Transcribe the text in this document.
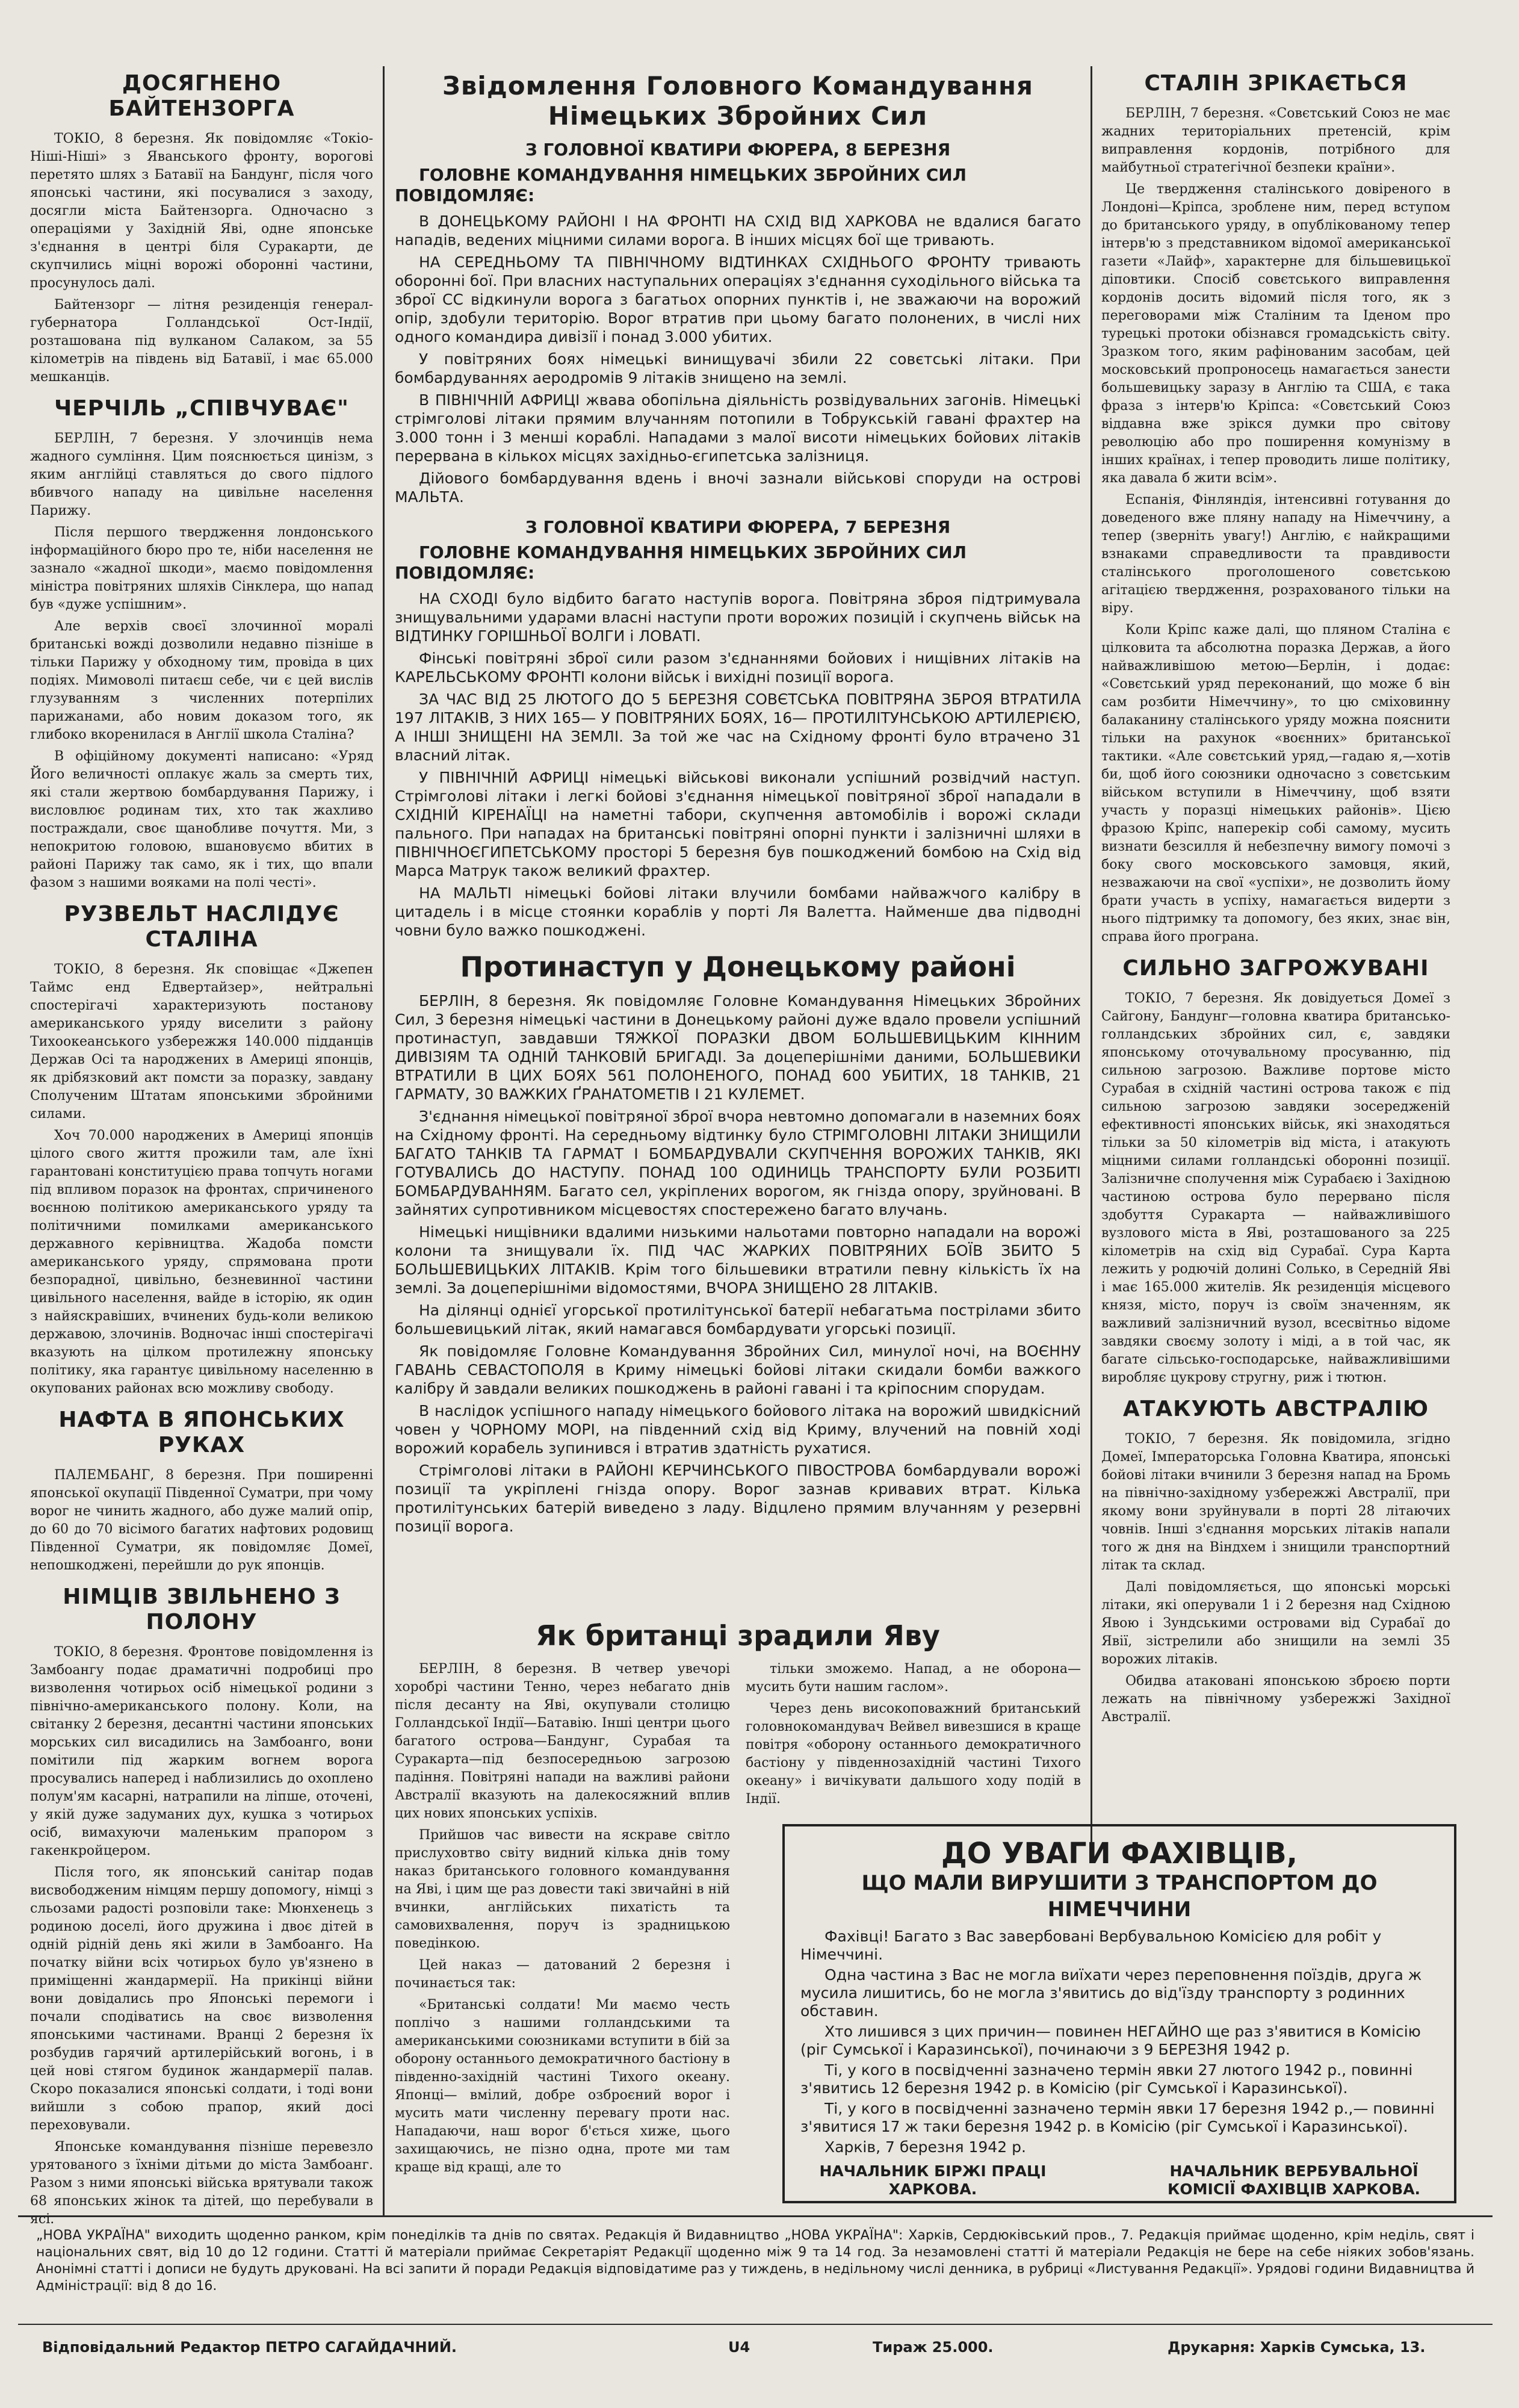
ДОСЯГНЕНО БАЙТЕНЗОРГА

ТОКІО, 8 березня. Як повідомляє «Токіо-Ніші-Ніші» з Яванського фронту, ворогові перетято шлях з Батавії на Бандунг, після чого японські частини, які посувалися з заходу, досягли міста Байтензорга. Одночасно з операціями у Західній Яві, одне японське з'єднання в центрі біля Суракарти, де скупчились міцні ворожі оборонні частини, просунулось далі.

Байтензорг — літня резиденція генерал-губернатора Голландської Ост-Індії, розташована під вулканом Салаком, за 55 кілометрів на південь від Батавії, і має 65.000 мешканців.

ЧЕРЧІЛЬ „СПІВЧУВАЄ"

БЕРЛІН, 7 березня. У злочинців нема жадного сумління. Цим пояснюється цинізм, з яким англійці ставляться до свого підлого вбивчого нападу на цивільне населення Парижу.

Після першого твердження лондонського інформаційного бюро про те, ніби населення не зазнало «жадної шкоди», маємо повідомлення міністра повітряних шляхів Сінклера, що напад був «дуже успішним».

Але верхів своєї злочинної моралі британські вожді дозволили недавно пізніше в тільки Парижу у обходному тим, провіда в цих подіях. Мимоволі питаєш себе, чи є цей вислів глузуванням з численних потерпілих парижанами, або новим доказом того, як глибоко вкоренилася в Англії школа Сталіна?

В офіційному документі написано: «Уряд Його величності оплакує жаль за смерть тих, які стали жертвою бомбардування Парижу, і висловлює родинам тих, хто так жахливо постраждали, своє щанобливе почуття. Ми, з непокритою головою, вшановуємо вбитих в районі Парижу так само, як і тих, що впали фазом з нашими вояками на полі честі».

РУЗВЕЛЬТ НАСЛІДУЄ СТАЛІНА

ТОКІО, 8 березня. Як сповіщає «Джепен Таймс енд Едвертайзер», нейтральні спостерігачі характеризують постанову американського уряду виселити з району Тихоокеанського узбережжя 140.000 підданців Держав Осі та народжених в Америці японців, як дрібязковий акт помсти за поразку, завдану Сполученим Штатам японськими збройними силами.

Хоч 70.000 народжених в Америці японців цілого свого життя прожили там, але їхні гарантовані конституцією права топчуть ногами під впливом поразок на фронтах, спричиненого воєнною політикою американського уряду та політичними помилками американського державного керівництва. Жадоба помсти американського уряду, спрямована проти безпорадної, цивільно, безневинної частини цивільного населення, вайде в історію, як один з найяскравіших, вчинених будь-коли великою державою, злочинів. Водночас інші спостерігачі вказують на цілком протилежну японську політику, яка гарантує цивільному населенню в окупованих районах всю можливу свободу.

НАФТА В ЯПОНСЬКИХ РУКАХ

ПАЛЕМБАНГ, 8 березня. При поширенні японської окупації Південної Суматри, при чому ворог не чинить жадного, або дуже малий опір, до 60 до 70 вісімого багатих нафтових родовищ Південної Суматри, як повідомляє Домеї, непошкоджені, перейшли до рук японців.

НІМЦІВ ЗВІЛЬНЕНО З ПОЛОНУ

ТОКІО, 8 березня. Фронтове повідомлення із Замбоангу подає драматичні подробиці про визволення чотирьох осіб німецької родини з північно-американського полону. Коли, на світанку 2 березня, десантні частини японських морських сил висадились на Замбоанго, вони помітили під жарким вогнем ворога просувались наперед і наблизились до охоплено полум'ям касарні, натрапили на ліпше, оточені, у якій дуже задуманих дух, кушка з чотирьох осіб, вимахуючи маленьким прапором з гакенкройцером.

Після того, як японський санітар подав висвободженим німцям першу допомогу, німці з сльозами радості розповіли таке: Мюнхенець з родиною доселі, його дружина і двоє дітей в одній рідній день які жили в Замбоанго. На початку війни всіх чотирьох було ув'язнено в приміщенні жандармерії. На прикінці війни вони довідались про Японські перемоги і почали сподіватись на своє визволення японськими частинами. Вранці 2 березня їх розбудив гарячий артилерійський вогонь, і в цей нові стягом будинок жандармерії палав. Скоро показалися японські солдати, і тоді вони вийшли з собою прапор, який досі переховували.

Японське командування пізніше перевезло урятованого з їхніми дітьми до міста Замбоанг. Разом з ними японські війська врятували також 68 японських жінок та дітей, що перебували в ясі.

Звідомлення Головного Командування Німецьких Збройних Сил
З ГОЛОВНОЇ КВАТИРИ ФЮРЕРА, 8 БЕРЕЗНЯ
ГОЛОВНЕ КОМАНДУВАННЯ НІМЕЦЬКИХ ЗБРОЙНИХ СИЛ ПОВІДОМЛЯЄ:

В ДОНЕЦЬКОМУ РАЙОНІ І НА ФРОНТІ НА СХІД ВІД ХАРКОВА не вдалися багато нападів, ведених міцними силами ворога. В інших місцях бої ще тривають.

НА СЕРЕДНЬОМУ ТА ПІВНІЧНОМУ ВІДТИНКАХ СХІДНЬОГО ФРОНТУ тривають оборонні бої. При власних наступальних операціях з'єднання суходільного війська та зброї СС відкинули ворога з багатьох опорних пунктів і, не зважаючи на ворожий опір, здобули територію. Ворог втратив при цьому багато полонених, в числі них одного командира дивізії і понад 3.000 убитих.

У повітряних боях німецькі винищувачі збили 22 совєтські літаки. При бомбардуваннях аеродромів 9 літаків знищено на землі.

В ПІВНІЧНІЙ АФРИЦІ жвава обопільна діяльність розвідувальних загонів. Німецькі стрімголові літаки прямим влучанням потопили в Тобрукській гавані фрахтер на 3.000 тонн і 3 менші кораблі. Нападами з малої висоти німецьких бойових літаків перервана в кількох місцях західньо-єгипетська залізниця.

Дійового бомбардування вдень і вночі зазнали військові споруди на острові МАЛЬТА.

З ГОЛОВНОЇ КВАТИРИ ФЮРЕРА, 7 БЕРЕЗНЯ
ГОЛОВНЕ КОМАНДУВАННЯ НІМЕЦЬКИХ ЗБРОЙНИХ СИЛ ПОВІДОМЛЯЄ:

НА СХОДІ було відбито багато наступів ворога. Повітряна зброя підтримувала знищувальними ударами власні наступи проти ворожих позицій і скупчень військ на ВІДТИНКУ ГОРІШНЬОЇ ВОЛГИ і ЛОВАТІ.

Фінські повітряні зброї сили разом з'єднаннями бойових і нищівних літаків на КАРЕЛЬСЬКОМУ ФРОНТІ колони військ і вихідні позиції ворога.

ЗА ЧАС ВІД 25 ЛЮТОГО ДО 5 БЕРЕЗНЯ СОВЄТСЬКА ПОВІТРЯНА ЗБРОЯ ВТРАТИЛА 197 ЛІТАКІВ, З НИХ 165— У ПОВІТРЯНИХ БОЯХ, 16— ПРОТИЛІТУНСЬКОЮ АРТИЛЕРІЄЮ, А ІНШІ ЗНИЩЕНІ НА ЗЕМЛІ. За той же час на Східному фронті було втрачено 31 власний літак.

У ПІВНІЧНІЙ АФРИЦІ німецькі військові виконали успішний розвідчий наступ. Стрімголові літаки і легкі бойові з'єднання німецької повітряної зброї нападали в СХІДНІЙ КІРЕНАЇЦІ на наметні табори, скупчення автомобілів і ворожі склади пального. При нападах на британські повітряні опорні пункти і залізничні шляхи в ПІВНІЧНОЄГИПЕТСЬКОМУ просторі 5 березня був пошкоджений бомбою на Схід від Марса Матрук також великий фрахтер.

НА МАЛЬТІ німецькі бойові літаки влучили бомбами найважчого калібру в цитадель і в місце стоянки кораблів у порті Ля Валетта. Найменше два підводні човни було важко пошкоджені.

Протинаступ у Донецькому районі

БЕРЛІН, 8 березня. Як повідомляє Головне Командування Німецьких Збройних Сил, 3 березня німецькі частини в Донецькому районі дуже вдало провели успішний протинаступ, завдавши ТЯЖКОЇ ПОРАЗКИ ДВОМ БОЛЬШЕВИЦЬКИМ КІННИМ ДИВІЗІЯМ ТА ОДНІЙ ТАНКОВІЙ БРИГАДІ. За доцеперішніми даними, БОЛЬШЕВИКИ ВТРАТИЛИ В ЦИХ БОЯХ 561 ПОЛОНЕНОГО, ПОНАД 600 УБИТИХ, 18 ТАНКІВ, 21 ГАРМАТУ, 30 ВАЖКИХ ҐРАНАТОМЕТІВ І 21 КУЛЕМЕТ.

З'єднання німецької повітряної зброї вчора невтомно допомагали в наземних боях на Східному фронті. На середньому відтинку було СТРІМГОЛОВНІ ЛІТАКИ ЗНИЩИЛИ БАГАТО ТАНКІВ ТА ГАРМАТ І БОМБАРДУВАЛИ СКУПЧЕННЯ ВОРОЖИХ ТАНКІВ, ЯКІ ГОТУВАЛИСЬ ДО НАСТУПУ. ПОНАД 100 ОДИНИЦЬ ТРАНСПОРТУ БУЛИ РОЗБИТІ БОМБАРДУВАННЯМ. Багато сел, укріплених ворогом, як гнізда опору, зруйновані. В зайнятих супротивником місцевостях спостережено багато влучань.

Німецькі нищівники вдалими низькими нальотами повторно нападали на ворожі колони та знищували їх. ПІД ЧАС ЖАРКИХ ПОВІТРЯНИХ БОЇВ ЗБИТО 5 БОЛЬШЕВИЦЬКИХ ЛІТАКІВ. Крім того більшевики втратили певну кількість їх на землі. За доцеперішніми відомостями, ВЧОРА ЗНИЩЕНО 28 ЛІТАКІВ.

На ділянці однієї угорської протилітунської батерії небагатьма пострілами збито большевицький літак, який намагався бомбардувати угорські позиції.

Як повідомляє Головне Командування Збройних Сил, минулої ночі, на ВОЄННУ ГАВАНЬ СЕВАСТОПОЛЯ в Криму німецькі бойові літаки скидали бомби важкого калібру й завдали великих пошкоджень в районі гавані і та кріпосним спорудам.

В наслідок успішного нападу німецького бойового літака на ворожий швидкісний човен у ЧОРНОМУ МОРІ, на південний схід від Криму, влучений на повній ході ворожий корабель зупинився і втратив здатність рухатися.

Стрімголові літаки в РАЙОНІ КЕРЧИНСЬКОГО ПІВОСТРОВА бомбардували ворожі позиції та укріплені гнізда опору. Ворог зазнав кривавих втрат. Кілька протилітунських батерій виведено з ладу. Відцлено прямим влучанням у резервні позиції ворога.

Як британці зрадили Яву

БЕРЛІН, 8 березня. В четвер увечорі хоробрі частини Тенно, через небагато днів після десанту на Яві, окупували столицю Голландської Індії—Батавію. Інші центри цього багатого острова—Бандунг, Сурабая та Суракарта—під безпосередньою загрозою падіння. Повітряні напади на важливі райони Австралії вказують на далекосяжний вплив цих нових японських успіхів.

Прийшов час вивести на яскраве світло прислуховтво світу видний кілька днів тому наказ британського головного командування на Яві, і цим ще раз довести такі звичайні в ній вчинки, англійських пихатість та самовихвалення, поруч із зрадницькою поведінкою.

Цей наказ — датований 2 березня і починається так:

«Британські солдати! Ми маємо честь поплічо з нашими голландськими та американськими союзниками вступити в бій за оборону останнього демократичного бастіону в південно-західній частині Тихого океану. Японці— вмілий, добре озброєний ворог і мусить мати численну перевагу проти нас. Нападаючи, наш ворог б'ється хиже, цього захищаючись, не пізно одна, проте ми там краще від кращі, але то

тільки зможемо. Напад, а не оборона—мусить бути нашим гаслом».

Через день високоповажний британський головнокомандувач Вейвел вивезшися в краще повітря «оборону останнього демократичного бастіону у південнозахідній частині Тихого океану» і вичікувати дальшого ходу подій в Індії.

СТАЛІН ЗРІКАЄТЬСЯ

БЕРЛІН, 7 березня. «Совєтський Союз не має жадних територіальних претенсій, крім виправлення кордонів, потрібного для майбутньої стратегічної безпеки країни».

Це твердження сталінського довіреного в Лондоні—Кріпса, зроблене ним, перед вступом до британського уряду, в опублікованому тепер інтерв'ю з представником відомої американської газети «Лайф», характерне для більшевицької діповтики. Спосіб совєтського виправлення кордонів досить відомий після того, як з переговорами між Сталіним та Іденом про турецькі протоки обізнався громадськість світу. Зразком того, яким рафінованим засобам, цей московський пропроносець намагається занести большевицьку заразу в Англію та США, є така фраза з інтерв'ю Кріпса: «Совєтський Союз віддавна вже зрікся думки про світову революцію або про поширення комунізму в інших країнах, і тепер проводить лише політику, яка давала б жити всім».

Еспанія, Фінляндія, інтенсивні готування до доведеного вже пляну нападу на Німеччину, а тепер (зверніть увагу!) Англію, є найкращими взнаками справедливости та правдивости сталінського проголошеного совєтською агітацією твердження, розрахованого тільки на віру.

Коли Кріпс каже далі, що пляном Сталіна є цілковита та абсолютна поразка Держав, а його найважливішою метою—Берлін, і додає: «Совєтський уряд переконаний, що може б він сам розбити Німеччину», то цю сміховинну балаканину сталінського уряду можна пояснити тільки на рахунок «воєнних» британської тактики. «Але совєтський уряд,—гадаю я,—хотів би, щоб його союзники одночасно з совєтським військом вступили в Німеччину, щоб взяти участь у поразці німецьких районів». Цією фразою Кріпс, наперекір собі самому, мусить визнати безсилля й небезпечну вимогу помочі з боку свого московського замовця, який, незважаючи на свої «успіхи», не дозволить йому брати участь в успіху, намагається видерти з нього підтримку та допомогу, без яких, знає він, справа його програна.

СИЛЬНО ЗАГРОЖУВАНІ

ТОКІО, 7 березня. Як довідуеться Домеї з Сайгону, Бандунг—головна кватира британсько-голландських збройних сил, є, завдяки японському оточувальному просуванню, під сильною загрозою. Важливе портове місто Сурабая в східній частині острова також є під сильною загрозою завдяки зосередженій ефективності японських військ, які знаходяться тільки за 50 кілометрів від міста, і атакують міцними силами голландські оборонні позиції. Залізничне сполучення між Сурабаєю і Західною частиною острова було перервано після здобуття Суракарта — найважливішого вузлового міста в Яві, розташованого за 225 кілометрів на схід від Сурабаї. Сура Карта лежить у родючій долині Солько, в Середній Яві і має 165.000 жителів. Як резиденція місцевого князя, місто, поруч із своїм значенням, як важливий залізничний вузол, всесвітньо відоме завдяки своєму золоту і міді, а в той час, як багате сільсько-господарське, найважливішими виробляє цукрову стругну, риж і тютюн.

АТАКУЮТЬ АВСТРАЛІЮ

ТОКІО, 7 березня. Як повідомила, згідно Домеї, Імператорська Головна Кватира, японські бойові літаки вчинили 3 березня напад на Бромь на північно-західному узбережжі Австралії, при якому вони зруйнували в порті 28 літаючих човнів. Інші з'єднання морських літаків напали того ж дня на Віндхем і знищили транспортний літак та склад.

Далі повідомляється, що японські морські літаки, які оперували 1 і 2 березня над Східною Явою і Зундськими островами від Сурабаї до Явії, зістрелили або знищили на землі 35 ворожих літаків.

Обидва атаковані японською зброєю порти лежать на північному узбережжі Західної Австралії.

ДО УВАГИ ФАХІВЦІВ,
ЩО МАЛИ ВИРУШИТИ З ТРАНСПОРТОМ ДО НІМЕЧЧИНИ

Фахівці! Багато з Вас завербовані Вербувальною Комісією для робіт у Німеччині.

Одна частина з Вас не могла виїхати через переповнення поїздів, друга ж мусила лишитись, бо не могла з'явитись до від'їзду транспорту з родинних обставин.

Хто лишився з цих причин— повинен НЕГАЙНО ще раз з'явитися в Комісію (ріг Сумської і Каразинської), починаючи з 9 БЕРЕЗНЯ 1942 р.

Ті, у кого в посвідченні зазначено термін явки 27 лютого 1942 р., повинні з'явитись 12 березня 1942 р. в Комісію (ріг Сумської і Каразинської).

Ті, у кого в посвідченні зазначено термін явки 17 березня 1942 р.,— повинні з'явитися 17 ж таки березня 1942 р. в Комісію (ріг Сумської і Каразинської).

Харків, 7 березня 1942 р.

НАЧАЛЬНИК БІРЖІ ПРАЦІ ХАРКОВА.
НАЧАЛЬНИК ВЕРБУВАЛЬНОЇ КОМІСІЇ ФАХІВЦІВ ХАРКОВА.
„НОВА УКРАЇНА" виходить щоденно ранком, крім понеділків та днів по святах. Редакція й Видавництво „НОВА УКРАЇНА": Харків, Сердюківський пров., 7. Редакція приймає щоденно, крім неділь, свят і національних свят, від 10 до 12 години. Статті й матеріали приймає Секретаріят Редакції щоденно між 9 та 14 год. За незамовлені статті й матеріали Редакція не бере на себе ніяких зобов'язань. Анонімні статті і дописи не будуть друковані. На всі запити й поради Редакція відповідатиме раз у тиждень, в недільному числі денника, в рубриці «Листування Редакції». Урядові години Видавництва й Адміністрації: від 8 до 16.
Відповідальний Редактор ПЕТРО САГАЙДАЧНИЙ.	U4	Тираж 25.000.	Друкарня: Харків Сумська, 13.
